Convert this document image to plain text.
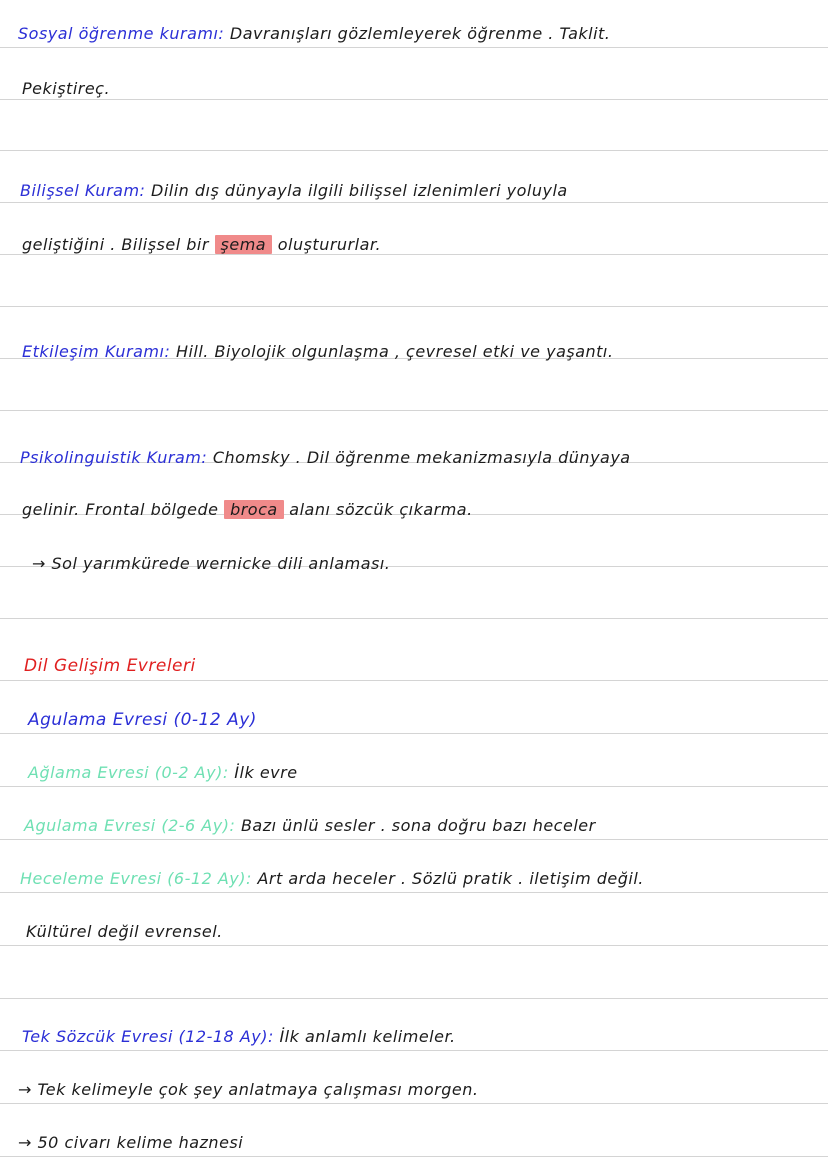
Sosyal öğrenme kuramı: Davranışları gözlemleyerek öğrenme . Taklit.
Pekiştireç.
Bilişsel Kuram: Dilin dış dünyayla ilgili bilişsel izlenimleri yoluyla
geliştiğini . Bilişsel bir şema oluştururlar.
Etkileşim Kuramı: Hill. Biyolojik olgunlaşma , çevresel etki ve yaşantı.
Psikolinguistik Kuram: Chomsky . Dil öğrenme mekanizmasıyla dünyaya
gelinir. Frontal bölgede broca alanı sözcük çıkarma.
→ Sol yarımkürede wernicke dili anlaması.
Dil Gelişim Evreleri
Agulama Evresi (0-12 Ay)
Ağlama Evresi (0-2 Ay): İlk evre
Agulama Evresi (2-6 Ay): Bazı ünlü sesler . sona doğru bazı heceler
Heceleme Evresi (6-12 Ay): Art arda heceler . Sözlü pratik . iletişim değil.
Kültürel değil evrensel.
Tek Sözcük Evresi (12-18 Ay): İlk anlamlı kelimeler.
→ Tek kelimeyle çok şey anlatmaya çalışması morgen.
→ 50 civarı kelime haznesi
